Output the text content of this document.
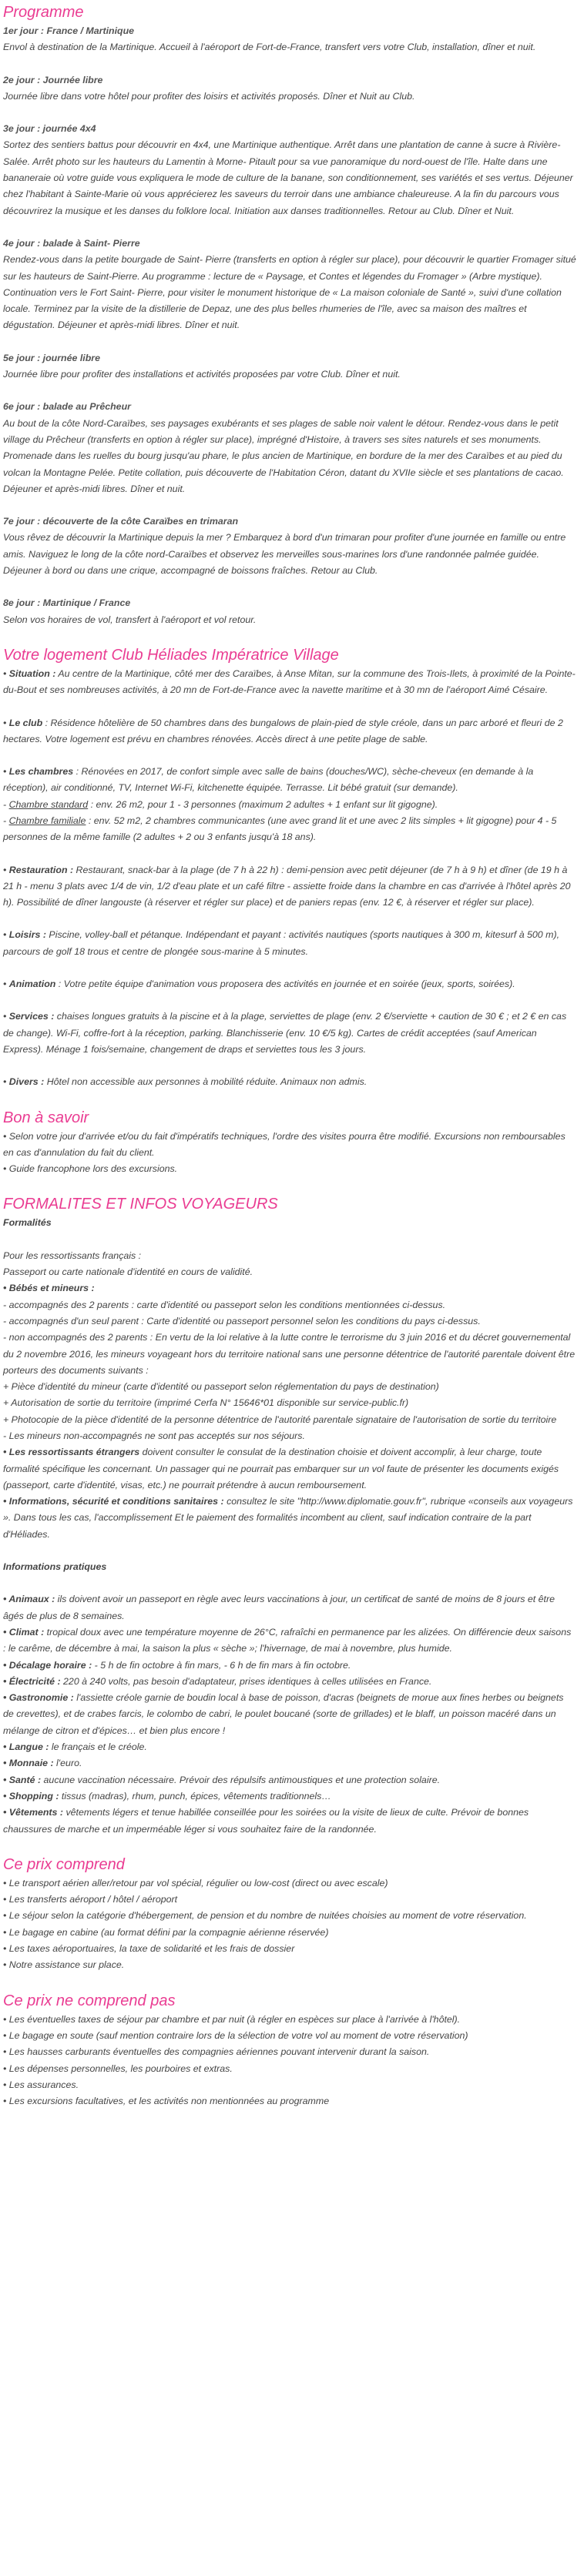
Programme
1er jour : France / Martinique
Envol à destination de la Martinique. Accueil à l'aéroport de Fort-de-France, transfert vers votre Club, installation, dîner et nuit.
2e jour : Journée libre
Journée libre dans votre hôtel pour profiter des loisirs et activités proposés. Dîner et Nuit au Club.
3e jour : journée 4x4
Sortez des sentiers battus pour découvrir en 4x4, une Martinique authentique. Arrêt dans une plantation de canne à sucre à Rivière-Salée. Arrêt photo sur les hauteurs du Lamentin à Morne- Pitault pour sa vue panoramique du nord-ouest de l'île. Halte dans une bananeraie où votre guide vous expliquera le mode de culture de la banane, son conditionnement, ses variétés et ses vertus. Déjeuner chez l'habitant à Sainte-Marie où vous apprécierez les saveurs du terroir dans une ambiance chaleureuse. A la fin du parcours vous découvrirez la musique et les danses du folklore local. Initiation aux danses traditionnelles. Retour au Club. Dîner et Nuit.
4e jour : balade à Saint- Pierre
Rendez-vous dans la petite bourgade de Saint- Pierre (transferts en option à régler sur place), pour découvrir le quartier Fromager situé sur les hauteurs de Saint-Pierre. Au programme : lecture de « Paysage, et Contes et légendes du Fromager » (Arbre mystique). Continuation vers le Fort Saint- Pierre, pour visiter le monument historique de « La maison coloniale de Santé », suivi d'une collation locale. Terminez par la visite de la distillerie de Depaz, une des plus belles rhumeries de l'île, avec sa maison des maîtres et dégustation. Déjeuner et après-midi libres. Dîner et nuit.
5e jour : journée libre
Journée libre pour profiter des installations et activités proposées par votre Club. Dîner et nuit.
6e jour : balade au Prêcheur
Au bout de la côte Nord-Caraïbes, ses paysages exubérants et ses plages de sable noir valent le détour. Rendez-vous dans le petit village du Prêcheur (transferts en option à régler sur place), imprégné d'Histoire, à travers ses sites naturels et ses monuments. Promenade dans les ruelles du bourg jusqu'au phare, le plus ancien de Martinique, en bordure de la mer des Caraïbes et au pied du volcan la Montagne Pelée. Petite collation, puis découverte de l'Habitation Céron, datant du XVIIe siècle et ses plantations de cacao. Déjeuner et après-midi libres. Dîner et nuit.
7e jour : découverte de la côte Caraïbes en trimaran
Vous rêvez de découvrir la Martinique depuis la mer ? Embarquez à bord d'un trimaran pour profiter d'une journée en famille ou entre amis. Naviguez le long de la côte nord-Caraïbes et observez les merveilles sous-marines lors d'une randonnée palmée guidée. Déjeuner à bord ou dans une crique, accompagné de boissons fraîches. Retour au Club.
8e jour : Martinique / France
Selon vos horaires de vol, transfert à l'aéroport et vol retour.
Votre logement Club Héliades Impératrice Village
• Situation : Au centre de la Martinique, côté mer des Caraïbes, à Anse Mitan, sur la commune des Trois-Ilets, à proximité de la Pointe-du-Bout et ses nombreuses activités, à 20 mn de Fort-de-France avec la navette maritime et à 30 mn de l'aéroport Aimé Césaire.
• Le club : Résidence hôtelière de 50 chambres dans des bungalows de plain-pied de style créole, dans un parc arboré et fleuri de 2 hectares. Votre logement est prévu en chambres rénovées. Accès direct à une petite plage de sable.
• Les chambres : Rénovées en 2017, de confort simple avec salle de bains (douches/WC), sèche-cheveux (en demande à la réception), air conditionné, TV, Internet Wi-Fi, kitchenette équipée. Terrasse. Lit bébé gratuit (sur demande).
- Chambre standard : env. 26 m2, pour 1 - 3 personnes (maximum 2 adultes + 1 enfant sur lit gigogne).
- Chambre familiale : env. 52 m2, 2 chambres communicantes (une avec grand lit et une avec 2 lits simples + lit gigogne) pour 4 - 5 personnes de la même famille (2 adultes + 2 ou 3 enfants jusqu'à 18 ans).
• Restauration : Restaurant, snack-bar à la plage (de 7 h à 22 h) : demi-pension avec petit déjeuner (de 7 h à 9 h) et dîner (de 19 h à 21 h - menu 3 plats avec 1/4 de vin, 1/2 d'eau plate et un café filtre - assiette froide dans la chambre en cas d'arrivée à l'hôtel après 20 h). Possibilité de dîner langouste (à réserver et régler sur place) et de paniers repas (env. 12 €, à réserver et régler sur place).
• Loisirs : Piscine, volley-ball et pétanque. Indépendant et payant : activités nautiques (sports nautiques à 300 m, kitesurf à 500 m), parcours de golf 18 trous et centre de plongée sous-marine à 5 minutes.
• Animation : Votre petite équipe d'animation vous proposera des activités en journée et en soirée (jeux, sports, soirées).
• Services : chaises longues gratuits à la piscine et à la plage, serviettes de plage (env. 2 €/serviette + caution de 30 € ; et 2 € en cas de change). Wi-Fi, coffre-fort à la réception, parking. Blanchisserie (env. 10 €/5 kg). Cartes de crédit acceptées (sauf American Express). Ménage 1 fois/semaine, changement de draps et serviettes tous les 3 jours.
• Divers : Hôtel non accessible aux personnes à mobilité réduite. Animaux non admis.
Bon à savoir
• Selon votre jour d'arrivée et/ou du fait d'impératifs techniques, l'ordre des visites pourra être modifié. Excursions non remboursables en cas d'annulation du fait du client.
• Guide francophone lors des excursions.
FORMALITES ET INFOS VOYAGEURS
Formalités
Pour les ressortissants français :
Passeport ou carte nationale d'identité en cours de validité.
• Bébés et mineurs :
- accompagnés des 2 parents : carte d'identité ou passeport selon les conditions mentionnées ci-dessus.
- accompagnés d'un seul parent : Carte d'identité ou passeport personnel selon les conditions du pays ci-dessus.
- non accompagnés des 2 parents : En vertu de la loi relative à la lutte contre le terrorisme du 3 juin 2016 et du décret gouvernemental du 2 novembre 2016, les mineurs voyageant hors du territoire national sans une personne détentrice de l'autorité parentale doivent être porteurs des documents suivants :
+ Pièce d'identité du mineur (carte d'identité ou passeport selon réglementation du pays de destination)
+ Autorisation de sortie du territoire (imprimé Cerfa N° 15646*01 disponible sur service-public.fr)
+ Photocopie de la pièce d'identité de la personne détentrice de l'autorité parentale signataire de l'autorisation de sortie du territoire
- Les mineurs non-accompagnés ne sont pas acceptés sur nos séjours.
• Les ressortissants étrangers doivent consulter le consulat de la destination choisie et doivent accomplir, à leur charge, toute formalité spécifique les concernant. Un passager qui ne pourrait pas embarquer sur un vol faute de présenter les documents exigés (passeport, carte d'identité, visas, etc.) ne pourrait prétendre à aucun remboursement.
• Informations, sécurité et conditions sanitaires : consultez le site "http://www.diplomatie.gouv.fr", rubrique «conseils aux voyageurs ». Dans tous les cas, l'accomplissement Et le paiement des formalités incombent au client, sauf indication contraire de la part d'Héliades.
Informations pratiques
• Animaux : ils doivent avoir un passeport en règle avec leurs vaccinations à jour, un certificat de santé de moins de 8 jours et être âgés de plus de 8 semaines.
• Climat : tropical doux avec une température moyenne de 26°C, rafraîchi en permanence par les alizées. On différencie deux saisons : le carême, de décembre à mai, la saison la plus « sèche »; l'hivernage, de mai à novembre, plus humide.
• Décalage horaire : - 5 h de fin octobre à fin mars, - 6 h de fin mars à fin octobre.
• Électricité : 220 à 240 volts, pas besoin d'adaptateur, prises identiques à celles utilisées en France.
• Gastronomie : l'assiette créole garnie de boudin local à base de poisson, d'acras (beignets de morue aux fines herbes ou beignets de crevettes), et de crabes farcis, le colombo de cabri, le poulet boucané (sorte de grillades) et le blaff, un poisson macéré dans un mélange de citron et d'épices… et bien plus encore !
• Langue : le français et le créole.
• Monnaie : l'euro.
• Santé : aucune vaccination nécessaire. Prévoir des répulsifs antimoustiques et une protection solaire.
• Shopping : tissus (madras), rhum, punch, épices, vêtements traditionnels…
• Vêtements : vêtements légers et tenue habillée conseillée pour les soirées ou la visite de lieux de culte. Prévoir de bonnes chaussures de marche et un imperméable léger si vous souhaitez faire de la randonnée.
Ce prix comprend
• Le transport aérien aller/retour par vol spécial, régulier ou low-cost (direct ou avec escale)
• Les transferts aéroport / hôtel / aéroport
• Le séjour selon la catégorie d'hébergement, de pension et du nombre de nuitées choisies au moment de votre réservation.
• Le bagage en cabine (au format défini par la compagnie aérienne réservée)
• Les taxes aéroportuaires, la taxe de solidarité et les frais de dossier
• Notre assistance sur place.
Ce prix ne comprend pas
• Les éventuelles taxes de séjour par chambre et par nuit (à régler en espèces sur place à l'arrivée à l'hôtel).
• Le bagage en soute (sauf mention contraire lors de la sélection de votre vol au moment de votre réservation)
• Les hausses carburants éventuelles des compagnies aériennes pouvant intervenir durant la saison.
• Les dépenses personnelles, les pourboires et extras.
• Les assurances.
• Les excursions facultatives, et les activités non mentionnées au programme
